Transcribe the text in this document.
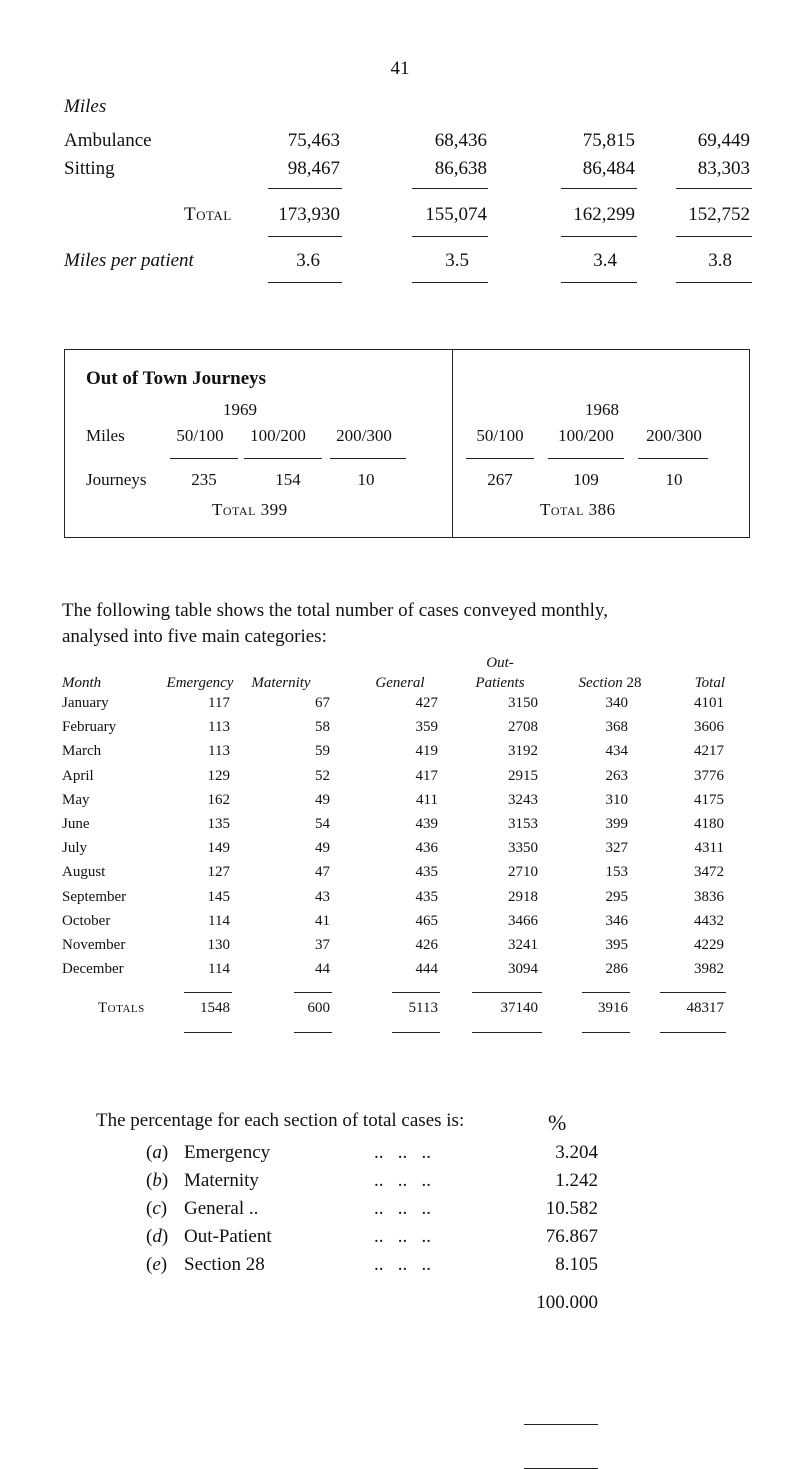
41
Miles
Ambulance	75,463	68,436	75,815	69,449
Sitting	98,467	86,638	86,484	83,303
Total	173,930	155,074	162,299	152,752
Miles per patient	3.6	3.5	3.4	3.8
Out of Town Journeys
1969	1968
Miles	50/100	100/200	200/300	50/100	100/200	200/300
Journeys	235	154	10	267	109	10
Total 399	Total 386
The following table shows the total number of cases conveyed monthly,
analysed into five main categories:
Month	Emergency	Maternity	General
Out-
Patients	Section 28	Total
January	117	67	427	3150	340	4101
February	113	58	359	2708	368	3606
March	113	59	419	3192	434	4217
April	129	52	417	2915	263	3776
May	162	49	411	3243	310	4175
June	135	54	439	3153	399	4180
July	149	49	436	3350	327	4311
August	127	47	435	2710	153	3472
September	145	43	435	2918	295	3836
October	114	41	465	3466	346	4432
November	130	37	426	3241	395	4229
December	114	44	444	3094	286	3982
Totals	1548	600	5113	37140	3916	48317
The percentage for each section of total cases is:	%
(a) Emergency	..   ..   ..	3.204
(b) Maternity	..   ..   ..	1.242
(c) General ..	..   ..   ..	10.582
(d) Out-Patient	..   ..   ..	76.867
(e) Section 28	..   ..   ..	8.105
100.000
